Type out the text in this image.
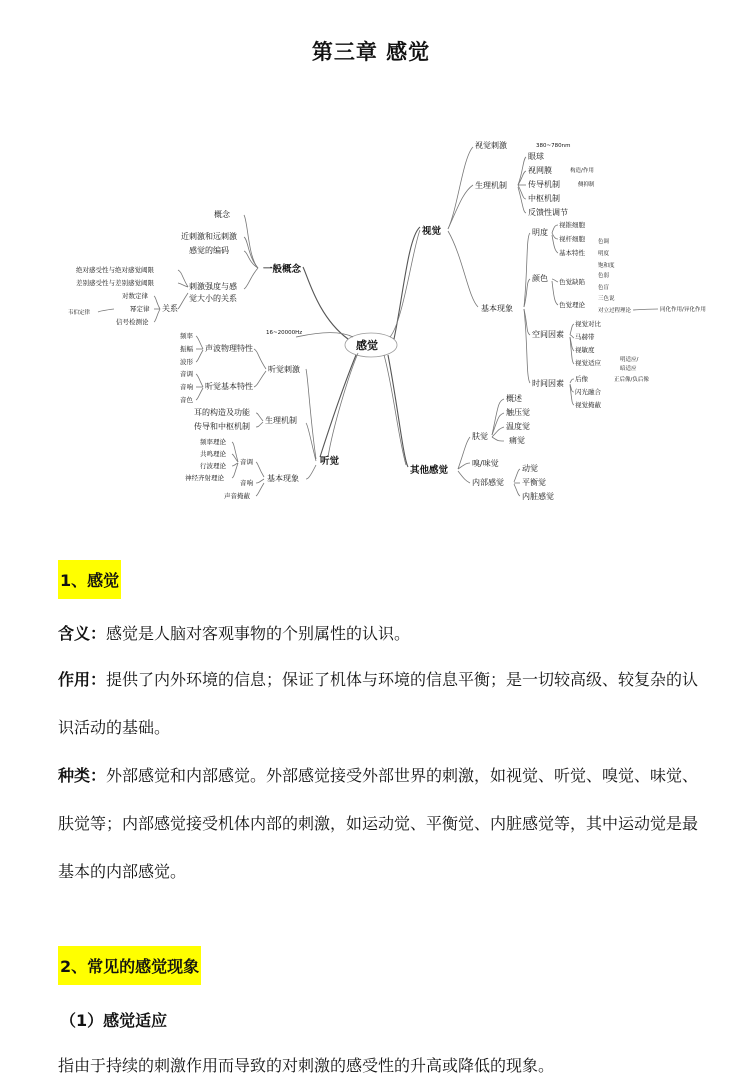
第三章 感觉
感觉
一般概念
概念
近刺激和远刺激
感觉的编码
刺激强度与感
觉大小的关系
绝对感受性与绝对感觉阈限
差别感受性与差别感觉阈限
关系
对数定律
幂定律
信号检测论
韦伯定律
视觉
视觉刺激	380~780nm
生理机制
眼球
视网膜
传导机制
中枢机制
反馈性调节
构造/作用
侧抑制
基本现象
明度
视锥细胞
视杆细胞
基本特性
色调
明度
饱和度
颜色 色觉缺陷
色弱
色盲
色觉理论
三色说
对立过程理论	同化作用/异化作用
空间因素
视觉对比
马赫带
视敏度
视觉适应	明适应/
暗适应
时间因素 后像
闪光融合
视觉掩蔽
正后像/负后像
听觉
听觉刺激
16~20000Hz
声波物理特性
听觉基本特性
频率
振幅
波形
音调
音响
音色
生理机制
耳的构造及功能
传导和中枢机制
基本现象
音调
音响
声音掩蔽
频率理论
共鸣理论
行波理论
神经齐射理论
其他感觉
肤觉
概述
触压觉
温度觉
痛觉
嗅/味觉
内部感觉
动觉
平衡觉
内脏感觉
1、感觉
含义：感觉是人脑对客观事物的个别属性的认识。
作用：提供了内外环境的信息；保证了机体与环境的信息平衡；是一切较高级、较复杂的认识活动的基础。
种类：外部感觉和内部感觉。外部感觉接受外部世界的刺激，如视觉、听觉、嗅觉、味觉、肤觉等；内部感觉接受机体内部的刺激，如运动觉、平衡觉、内脏感觉等，其中运动觉是最基本的内部感觉。
2、常见的感觉现象
（1）感觉适应
指由于持续的刺激作用而导致的对刺激的感受性的升高或降低的现象。
